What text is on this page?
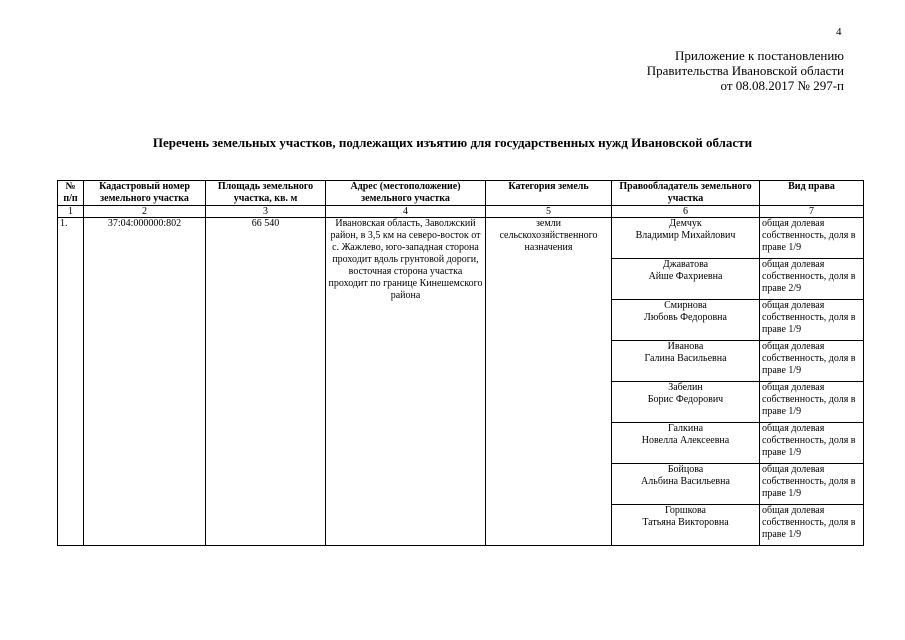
4
Приложение к постановлению
Правительства Ивановской области
от 08.08.2017 № 297-п
Перечень земельных участков, подлежащих изъятию для государственных нужд Ивановской области
№ п/п	Кадастровый номер земельного участка	Площадь земельного участка, кв. м	Адрес (местоположение) земельного участка	Категория земель	Правообладатель земельного участка	Вид права
1	2	3	4	5	6	7
1.	37:04:000000:802	66 540	Ивановская область, Заволжский район, в 3,5 км на северо-восток от с. Жажлево, юго-западная сторона проходит вдоль грунтовой дороги, восточная сторона участка проходит по границе Кинешемского района	земли сельскохозяйственного назначения	Демчук
Владимир Михайлович	общая долевая собственность, доля в праве 1/9

					Джаватова
Айше Фахриевна	общая долевая собственность, доля в праве 2/9

					Смирнова
Любовь Федоровна	общая долевая собственность, доля в праве 1/9

					Иванова
Галина Васильевна	общая долевая собственность, доля в праве 1/9

					Забелин
Борис Федорович	общая долевая собственность, доля в праве 1/9

					Галкина
Новелла Алексеевна	общая долевая собственность, доля в праве 1/9

					Бойцова
Альбина Васильевна	общая долевая собственность, доля в праве 1/9

					Горшкова
Татьяна Викторовна	общая долевая собственность, доля в праве 1/9
